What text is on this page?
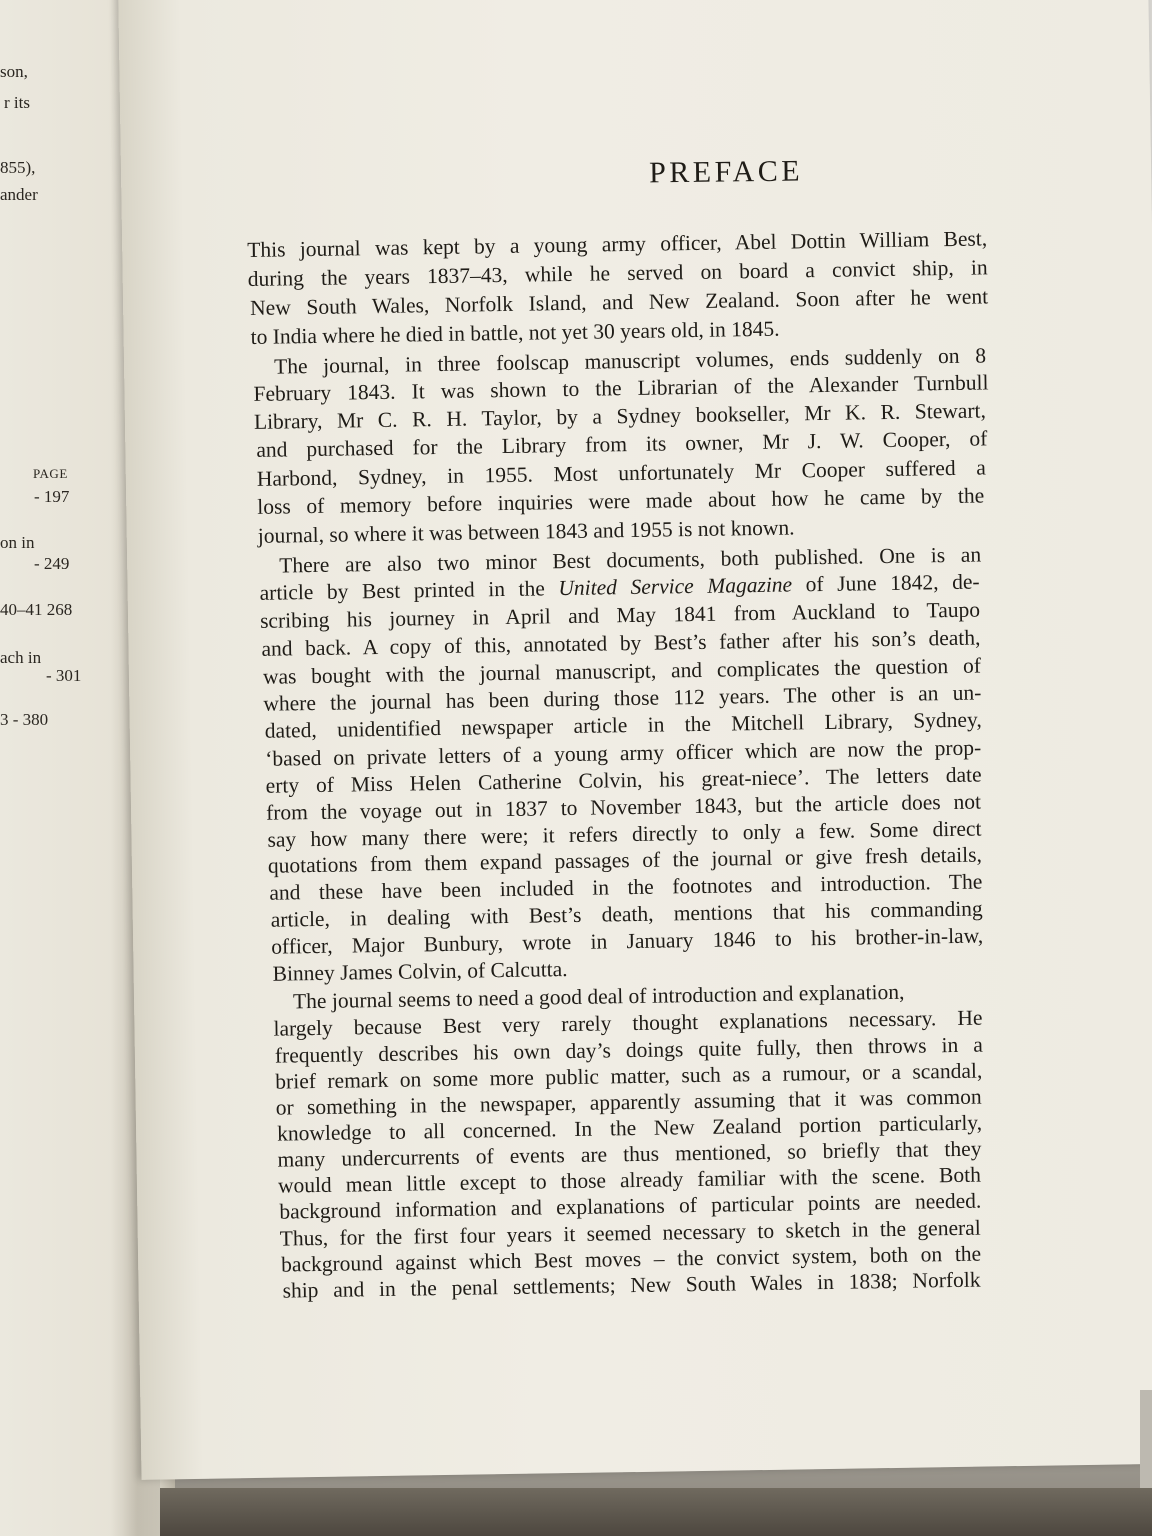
son,
r its
855),
ander
PAGE
- 197
on in
- 249
40–41 268
ach in
- 301
3 - 380
PREFACE
This journal was kept by a young army officer, Abel Dottin William Best,
during the years 1837–43, while he served on board a convict ship, in
New South Wales, Norfolk Island, and New Zealand. Soon after he went
to India where he died in battle, not yet 30 years old, in 1845.
The journal, in three foolscap manuscript volumes, ends suddenly on 8
February 1843. It was shown to the Librarian of the Alexander Turnbull
Library, Mr C. R. H. Taylor, by a Sydney bookseller, Mr K. R. Stewart,
and purchased for the Library from its owner, Mr J. W. Cooper, of
Harbond, Sydney, in 1955. Most unfortunately Mr Cooper suffered a
loss of memory before inquiries were made about how he came by the
journal, so where it was between 1843 and 1955 is not known.
There are also two minor Best documents, both published. One is an
article by Best printed in the United Service Magazine of June 1842, de-
scribing his journey in April and May 1841 from Auckland to Taupo
and back. A copy of this, annotated by Best’s father after his son’s death,
was bought with the journal manuscript, and complicates the question of
where the journal has been during those 112 years. The other is an un-
dated, unidentified newspaper article in the Mitchell Library, Sydney,
‘based on private letters of a young army officer which are now the prop-
erty of Miss Helen Catherine Colvin, his great-niece’. The letters date
from the voyage out in 1837 to November 1843, but the article does not
say how many there were; it refers directly to only a few. Some direct
quotations from them expand passages of the journal or give fresh details,
and these have been included in the footnotes and introduction. The
article, in dealing with Best’s death, mentions that his commanding
officer, Major Bunbury, wrote in January 1846 to his brother-in-law,
Binney James Colvin, of Calcutta.
The journal seems to need a good deal of introduction and explanation,
largely because Best very rarely thought explanations necessary. He
frequently describes his own day’s doings quite fully, then throws in a
brief remark on some more public matter, such as a rumour, or a scandal,
or something in the newspaper, apparently assuming that it was common
knowledge to all concerned. In the New Zealand portion particularly,
many undercurrents of events are thus mentioned, so briefly that they
would mean little except to those already familiar with the scene. Both
background information and explanations of particular points are needed.
Thus, for the first four years it seemed necessary to sketch in the general
background against which Best moves – the convict system, both on the
ship and in the penal settlements; New South Wales in 1838; Norfolk
